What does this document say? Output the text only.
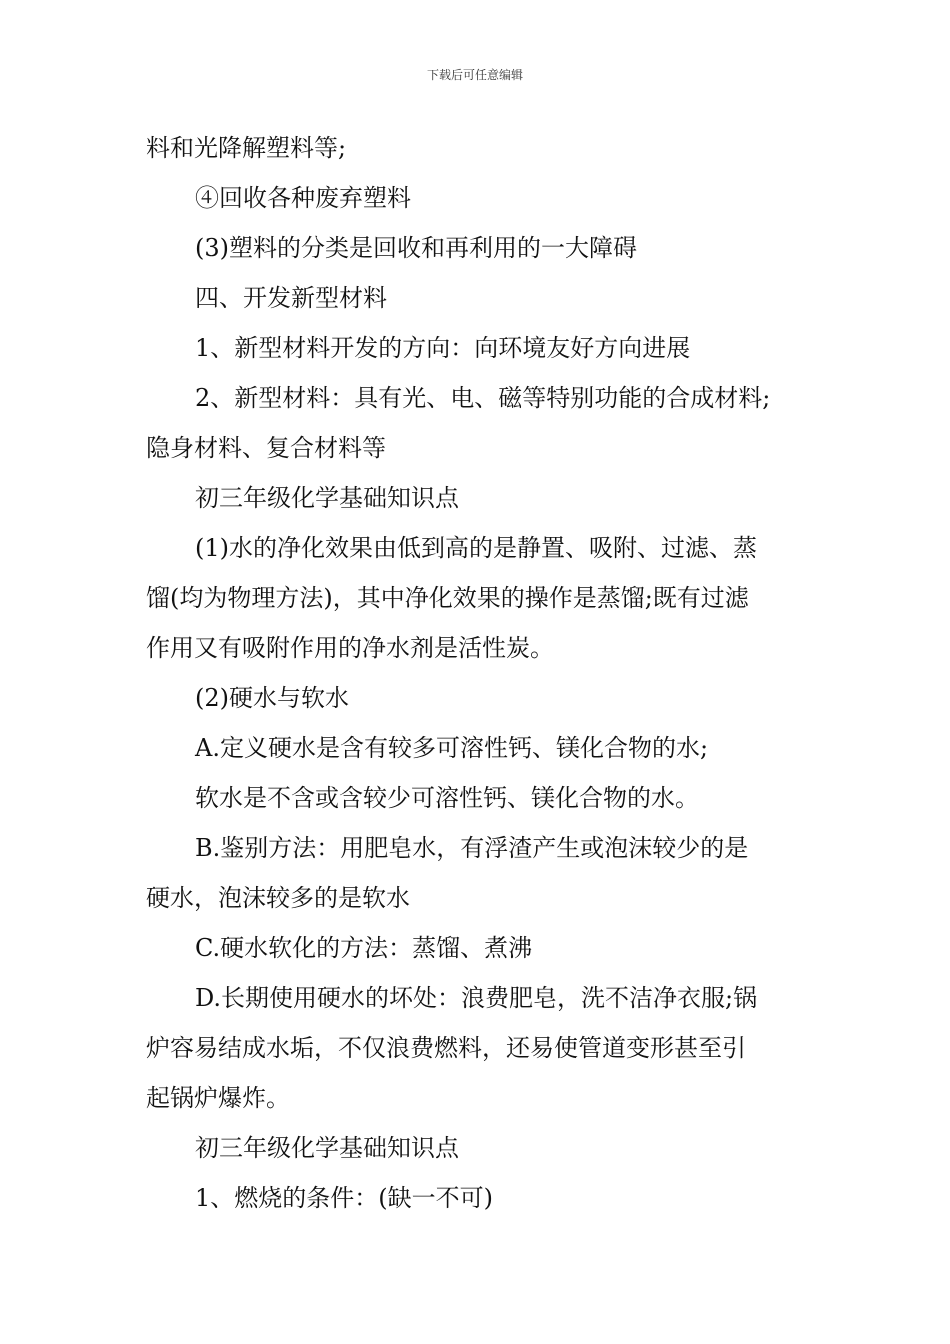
下载后可任意编辑
料和光降解塑料等;
④回收各种废弃塑料
(3)塑料的分类是回收和再利用的一大障碍
四、开发新型材料
1、新型材料开发的方向：向环境友好方向进展
2、新型材料：具有光、电、磁等特别功能的合成材料;
隐身材料、复合材料等
初三年级化学基础知识点
(1)水的净化效果由低到高的是静置、吸附、过滤、蒸
馏(均为物理方法)，其中净化效果的操作是蒸馏;既有过滤
作用又有吸附作用的净水剂是活性炭。
(2)硬水与软水
A.定义硬水是含有较多可溶性钙、镁化合物的水;
软水是不含或含较少可溶性钙、镁化合物的水。
B.鉴别方法：用肥皂水，有浮渣产生或泡沫较少的是
硬水，泡沫较多的是软水
C.硬水软化的方法：蒸馏、煮沸
D.长期使用硬水的坏处：浪费肥皂，洗不洁净衣服;锅
炉容易结成水垢，不仅浪费燃料，还易使管道变形甚至引
起锅炉爆炸。
初三年级化学基础知识点
1、燃烧的条件：(缺一不可)
